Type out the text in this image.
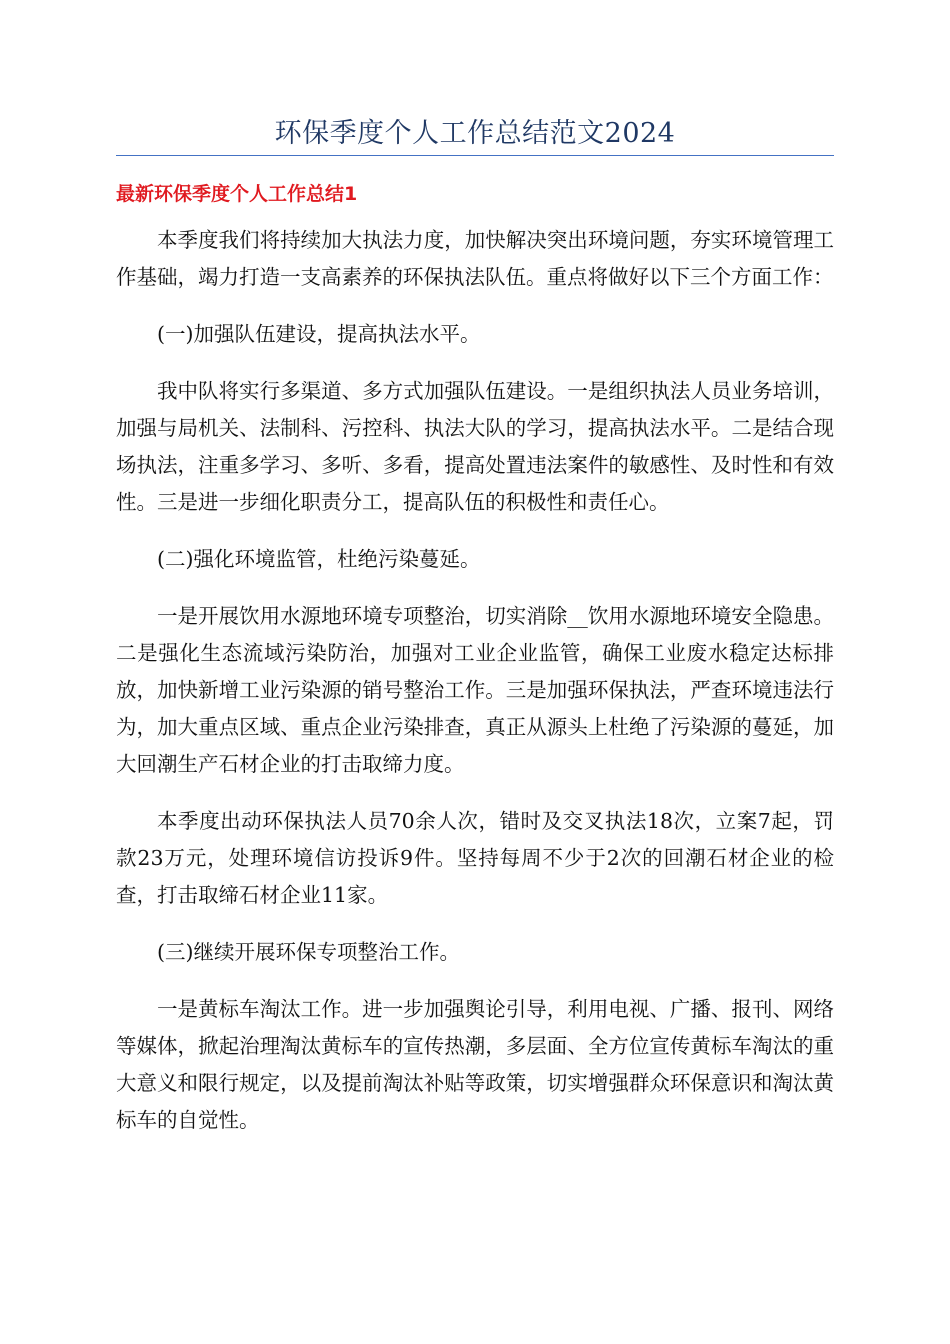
环保季度个人工作总结范文2024
最新环保季度个人工作总结1

本季度我们将持续加大执法力度，加快解决突出环境问题，夯实环境管理工作基础，竭力打造一支高素养的环保执法队伍。重点将做好以下三个方面工作：

(一)加强队伍建设，提高执法水平。

我中队将实行多渠道、多方式加强队伍建设。一是组织执法人员业务培训，加强与局机关、法制科、污控科、执法大队的学习，提高执法水平。二是结合现场执法，注重多学习、多听、多看，提高处置违法案件的敏感性、及时性和有效性。三是进一步细化职责分工，提高队伍的积极性和责任心。

(二)强化环境监管，杜绝污染蔓延。

一是开展饮用水源地环境专项整治，切实消除__饮用水源地环境安全隐患。二是强化生态流域污染防治，加强对工业企业监管，确保工业废水稳定达标排放，加快新增工业污染源的销号整治工作。三是加强环保执法，严查环境违法行为，加大重点区域、重点企业污染排查，真正从源头上杜绝了污染源的蔓延，加大回潮生产石材企业的打击取缔力度。

本季度出动环保执法人员70余人次，错时及交叉执法18次，立案7起，罚款23万元，处理环境信访投诉9件。坚持每周不少于2次的回潮石材企业的检查，打击取缔石材企业11家。

(三)继续开展环保专项整治工作。

一是黄标车淘汰工作。进一步加强舆论引导，利用电视、广播、报刊、网络等媒体，掀起治理淘汰黄标车的宣传热潮，多层面、全方位宣传黄标车淘汰的重大意义和限行规定，以及提前淘汰补贴等政策，切实增强群众环保意识和淘汰黄标车的自觉性。
